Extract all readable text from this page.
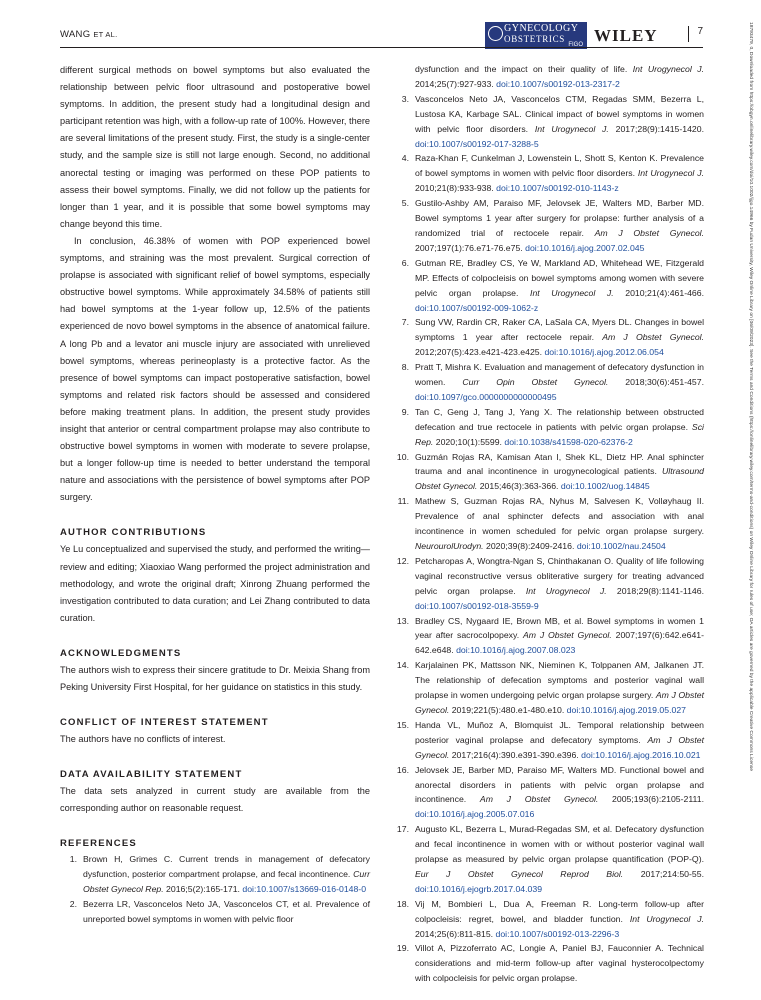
WANG ET AL.
GYNECOLOGY
OBSTETRICS
FIGO WILEY	7

different surgical methods on bowel symptoms but also evaluated the relationship between pelvic floor ultrasound and postoperative bowel symptoms. In addition, the present study had a longitudinal design and participant retention was high, with a follow-up rate of 100%. However, there are several limitations of the present study. First, the study is a single-center study, and the sample size is still not large enough. Second, no additional anorectal testing or imaging was performed on these POP patients to assess their bowel symptoms. Finally, we did not follow up the patients for longer than 1 year, and it is possible that some bowel symptoms may change beyond this time.

In conclusion, 46.38% of women with POP experienced bowel symptoms, and straining was the most prevalent. Surgical correction of prolapse is associated with significant relief of bowel symptoms, especially obstructive bowel symptoms. While approximately 34.58% of patients still had bowel symptoms at the 1-year follow up, 12.5% of the patients experienced de novo bowel symptoms in the absence of anatomical failure. A long Pb and a levator ani muscle injury are associated with unrelieved bowel symptoms, whereas perineoplasty is a protective factor. As the presence of bowel symptoms can impact postoperative satisfaction, bowel symptoms and related risk factors should be assessed and considered before making treatment plans. In addition, the present study provides insight that anterior or central compartment prolapse may also contribute to obstructive bowel symptoms in women with moderate to severe prolapse, but a longer follow-up time is needed to better understand the temporal nature and associations with the persistence of bowel symptoms after POP surgery.

AUTHOR CONTRIBUTIONS

Ye Lu conceptualized and supervised the study, and performed the writing—review and editing; Xiaoxiao Wang performed the project administration and methodology, and wrote the original draft; Xinrong Zhuang performed the investigation contributed to data curation; and Lei Zhang contributed to data curation.

ACKNOWLEDGMENTS

The authors wish to express their sincere gratitude to Dr. Meixia Shang from Peking University First Hospital, for her guidance on statistics in this study.

CONFLICT OF INTEREST STATEMENT

The authors have no conflicts of interest.

DATA AVAILABILITY STATEMENT

The data sets analyzed in current study are available from the corresponding author on reasonable request.

REFERENCES
1. Brown H, Grimes C. Current trends in management of defecatory dysfunction, posterior compartment prolapse, and fecal incontinence. Curr Obstet Gynecol Rep. 2016;5(2):165-171. doi:10.1007/s13669-016-0148-0
2. Bezerra LR, Vasconcelos Neto JA, Vasconcelos CT, et al. Prevalence of unreported bowel symptoms in women with pelvic floor
dysfunction and the impact on their quality of life. Int Urogynecol J. 2014;25(7):927-933. doi:10.1007/s00192-013-2317-2
3. Vasconcelos Neto JA, Vasconcelos CTM, Regadas SMM, Bezerra L, Lustosa KA, Karbage SAL. Clinical impact of bowel symptoms in women with pelvic floor disorders. Int Urogynecol J. 2017;28(9):1415-1420. doi:10.1007/s00192-017-3288-5
4. Raza-Khan F, Cunkelman J, Lowenstein L, Shott S, Kenton K. Prevalence of bowel symptoms in women with pelvic floor disorders. Int Urogynecol J. 2010;21(8):933-938. doi:10.1007/s00192-010-1143-z
5. Gustilo-Ashby AM, Paraiso MF, Jelovsek JE, Walters MD, Barber MD. Bowel symptoms 1 year after surgery for prolapse: further analysis of a randomized trial of rectocele repair. Am J Obstet Gynecol. 2007;197(1):76.e71-76.e75. doi:10.1016/j.ajog.2007.02.045
6. Gutman RE, Bradley CS, Ye W, Markland AD, Whitehead WE, Fitzgerald MP. Effects of colpocleisis on bowel symptoms among women with severe pelvic organ prolapse. Int Urogynecol J. 2010;21(4):461-466. doi:10.1007/s00192-009-1062-z
7. Sung VW, Rardin CR, Raker CA, LaSala CA, Myers DL. Changes in bowel symptoms 1 year after rectocele repair. Am J Obstet Gynecol. 2012;207(5):423.e421-423.e425. doi:10.1016/j.ajog.2012.06.054
8. Pratt T, Mishra K. Evaluation and management of defecatory dysfunction in women. Curr Opin Obstet Gynecol. 2018;30(6):451-457. doi:10.1097/gco.0000000000000495
9. Tan C, Geng J, Tang J, Yang X. The relationship between obstructed defecation and true rectocele in patients with pelvic organ prolapse. Sci Rep. 2020;10(1):5599. doi:10.1038/s41598-020-62376-2
10. Guzmán Rojas RA, Kamisan Atan I, Shek KL, Dietz HP. Anal sphincter trauma and anal incontinence in urogynecological patients. Ultrasound Obstet Gynecol. 2015;46(3):363-366. doi:10.1002/uog.14845
11. Mathew S, Guzman Rojas RA, Nyhus M, Salvesen K, Volløyhaug II. Prevalence of anal sphincter defects and association with anal incontinence in women scheduled for pelvic organ prolapse surgery. NeurourolUrodyn. 2020;39(8):2409-2416. doi:10.1002/nau.24504
12. Petcharopas A, Wongtra-Ngan S, Chinthakanan O. Quality of life following vaginal reconstructive versus obliterative surgery for treating advanced pelvic organ prolapse. Int Urogynecol J. 2018;29(8):1141-1146. doi:10.1007/s00192-018-3559-9
13. Bradley CS, Nygaard IE, Brown MB, et al. Bowel symptoms in women 1 year after sacrocolpopexy. Am J Obstet Gynecol. 2007;197(6):642.e641-642.e648. doi:10.1016/j.ajog.2007.08.023
14. Karjalainen PK, Mattsson NK, Nieminen K, Tolppanen AM, Jalkanen JT. The relationship of defecation symptoms and posterior vaginal wall prolapse in women undergoing pelvic organ prolapse surgery. Am J Obstet Gynecol. 2019;221(5):480.e1-480.e10. doi:10.1016/j.ajog.2019.05.027
15. Handa VL, Muñoz A, Blomquist JL. Temporal relationship between posterior vaginal prolapse and defecatory symptoms. Am J Obstet Gynecol. 2017;216(4):390.e391-390.e396. doi:10.1016/j.ajog.2016.10.021
16. Jelovsek JE, Barber MD, Paraiso MF, Walters MD. Functional bowel and anorectal disorders in patients with pelvic organ prolapse and incontinence. Am J Obstet Gynecol. 2005;193(6):2105-2111. doi:10.1016/j.ajog.2005.07.016
17. Augusto KL, Bezerra L, Murad-Regadas SM, et al. Defecatory dysfunction and fecal incontinence in women with or without posterior vaginal wall prolapse as measured by pelvic organ prolapse quantification (POP-Q). Eur J Obstet Gynecol Reprod Biol. 2017;214:50-55. doi:10.1016/j.ejogrb.2017.04.039
18. Vij M, Bombieri L, Dua A, Freeman R. Long-term follow-up after colpocleisis: regret, bowel, and bladder function. Int Urogynecol J. 2014;25(6):811-815. doi:10.1007/s00192-013-2296-3
19. Villot A, Pizzoferrato AC, Longie A, Paniel BJ, Fauconnier A. Technical considerations and mid-term follow-up after vaginal hysterocolpectomy with colpocleisis for pelvic organ prolapse.
18793479, 0, Downloaded from https://obgyn.onlinelibrary.wiley.com/doi/10.1002/ijgo.14966 by Fudan University, Wiley Online Library on [06/09/2023]. See the Terms and Conditions (https://onlinelibrary.wiley.com/terms-and-conditions) on Wiley Online Library for rules of use; OA articles are governed by the applicable Creative Commons License
